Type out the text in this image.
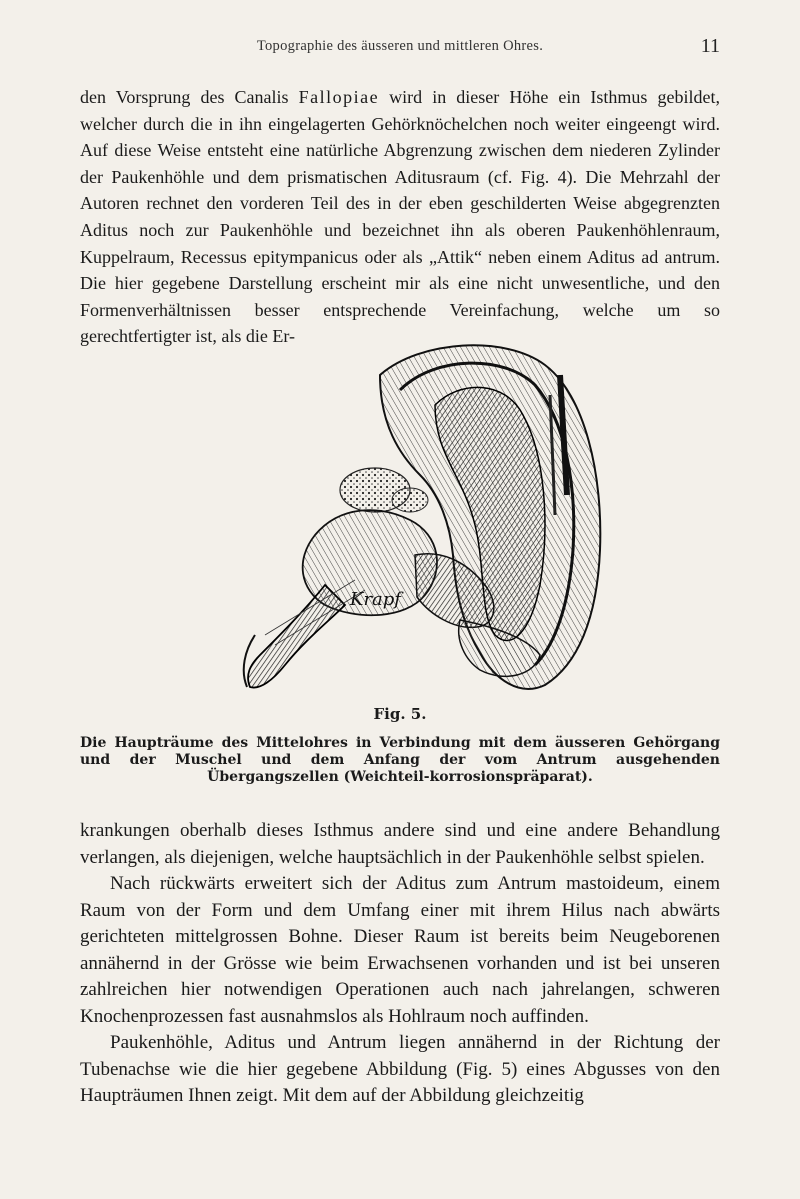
Topographie des äusseren und mittleren Ohres.	11

den Vorsprung des Canalis Fallopiae wird in dieser Höhe ein Isthmus gebildet, welcher durch die in ihn eingelagerten Gehörknöchelchen noch weiter eingeengt wird. Auf diese Weise entsteht eine natürliche Abgrenzung zwischen dem niederen Zylinder der Paukenhöhle und dem prismatischen Aditusraum (cf. Fig. 4). Die Mehrzahl der Autoren rechnet den vorderen Teil des in der eben geschilderten Weise abgegrenzten Aditus noch zur Paukenhöhle und bezeichnet ihn als oberen Paukenhöhlenraum, Kuppelraum, Recessus epitympanicus oder als „Attik“ neben einem Aditus ad antrum. Die hier gegebene Darstellung erscheint mir als eine nicht unwesentliche, und den Formenverhältnissen besser entsprechende Vereinfachung, welche um so gerechtfertigter ist, als die Er-

Krapf
Fig. 5.
Die Haupträume des Mittelohres in Verbindung mit dem äusseren Gehörgang und der Muschel und dem Anfang der vom Antrum ausgehenden Übergangszellen (Weichteil-korrosionspräparat).

krankungen oberhalb dieses Isthmus andere sind und eine andere Behandlung verlangen, als diejenigen, welche hauptsächlich in der Paukenhöhle selbst spielen.

Nach rückwärts erweitert sich der Aditus zum Antrum mastoideum, einem Raum von der Form und dem Umfang einer mit ihrem Hilus nach abwärts gerichteten mittelgrossen Bohne. Dieser Raum ist bereits beim Neugeborenen annähernd in der Grösse wie beim Erwachsenen vorhanden und ist bei unseren zahlreichen hier notwendigen Operationen auch nach jahrelangen, schweren Knochenprozessen fast ausnahmslos als Hohlraum noch auffinden.

Paukenhöhle, Aditus und Antrum liegen annähernd in der Richtung der Tubenachse wie die hier gegebene Abbildung (Fig. 5) eines Abgusses von den Haupträumen Ihnen zeigt. Mit dem auf der Abbildung gleichzeitig
